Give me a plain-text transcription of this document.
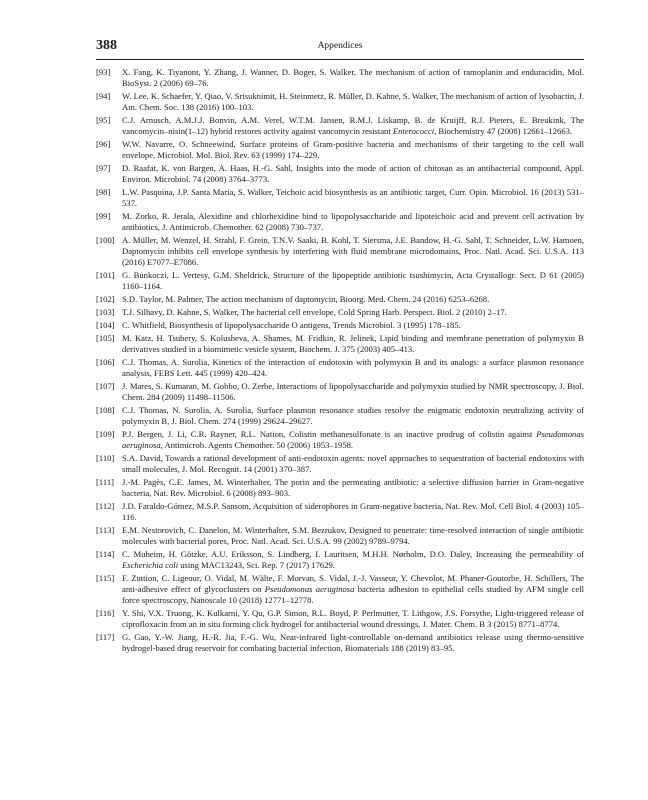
388	Appendices
[93]	X. Fang, K. Tiyanont, Y. Zhang, J. Wanner, D. Boger, S. Walker, The mechanism of action of ramoplanin and enduracidin, Mol. BioSyst. 2 (2006) 69–76.
[94]	W. Lee, K. Schaefer, Y. Qiao, V. Srisuknimit, H. Steinmetz, R. Müller, D. Kahne, S. Walker, The mechanism of action of lysobactin, J. Am. Chem. Soc. 138 (2016) 100–103.
[95]	C.J. Arnusch, A.M.J.J. Bonvin, A.M. Verel, W.T.M. Jansen, R.M.J. Liskamp, B. de Kruijff, R.J. Pieters, E. Breukink, The vancomycin–nisin(1–12) hybrid restores activity against vancomycin resistant Enterococci, Biochemistry 47 (2008) 12661–12663.
[96]	W.W. Navarre, O. Schneewind, Surface proteins of Gram-positive bacteria and mechanisms of their targeting to the cell wall envelope, Microbiol. Mol. Biol. Rev. 63 (1999) 174–229.
[97]	D. Raafat, K. von Bargen, A. Haas, H.-G. Sahl, Insights into the mode of action of chitosan as an antibacterial compound, Appl. Environ. Microbiol. 74 (2008) 3764–3773.
[98]	L.W. Pasquina, J.P. Santa Maria, S. Walker, Teichoic acid biosynthesis as an antibiotic target, Curr. Opin. Microbiol. 16 (2013) 531–537.
[99]	M. Zorko, R. Jerala, Alexidine and chlorhexidine bind to lipopolysaccharide and lipoteichoic acid and prevent cell activation by antibiotics, J. Antimicrob. Chemother. 62 (2008) 730–737.
[100] A. Müller, M. Wenzel, H. Strahl, F. Grein, T.N.V. Saaki, B. Kohl, T. Siersma, J.E. Bandow, H.-G. Sahl, T. Schneider, L.W. Hamoen, Daptomycin inhibits cell envelope synthesis by interfering with fluid membrane microdomains, Proc. Natl. Acad. Sci. U.S.A. 113 (2016) E7077–E7086.
[101] G. Bunkoczi, L. Vertesy, G.M. Sheldrick, Structure of the lipopeptide antibiotic tsushimycin, Acta Crystallogr. Sect. D 61 (2005) 1160–1164.
[102] S.D. Taylor, M. Palmer, The action mechanism of daptomycin, Bioorg. Med. Chem. 24 (2016) 6253–6268.
[103] T.J. Silhavy, D. Kahne, S. Walker, The bacterial cell envelope, Cold Spring Harb. Perspect. Biol. 2 (2010) 2–17.
[104] C. Whitfield, Biosynthesis of lipopolysaccharide O antigens, Trends Microbiol. 3 (1995) 178–185.
[105] M. Katz, H. Tsubery, S. Kolusheva, A. Shames, M. Fridkin, R. Jelinek, Lipid binding and membrane penetration of polymyxin B derivatives studied in a biomimetic vesicle system, Biochem. J. 375 (2003) 405–413.
[106] C.J. Thomas, A. Surolia, Kinetics of the interaction of endotoxin with polymyxin B and its analogs: a surface plasmon resonance analysis, FEBS Lett. 445 (1999) 420–424.
[107] J. Mares, S. Kumaran, M. Gobbo, O. Zerbe, Interactions of lipopolysaccharide and polymyxin studied by NMR spectroscopy, J. Biol. Chem. 284 (2009) 11498–11506.
[108] C.J. Thomas, N. Surolia, A. Surolia, Surface plasmon resonance studies resolve the enigmatic endotoxin neutralizing activity of polymyxin B, J. Biol. Chem. 274 (1999) 29624–29627.
[109] P.J. Bergen, J. Li, C.R. Rayner, R.L. Nation, Colistin methanesulfonate is an inactive prodrug of colistin against Pseudomonas aeruginosa, Antimicrob. Agents Chemother. 50 (2006) 1953–1958.
[110] S.A. David, Towards a rational development of anti-endotoxin agents: novel approaches to sequestration of bacterial endotoxins with small molecules, J. Mol. Recognit. 14 (2001) 370–387.
[111] J.-M. Pagès, C.E. James, M. Winterhalter, The porin and the permeating antibiotic: a selective diffusion barrier in Gram-negative bacteria, Nat. Rev. Microbiol. 6 (2008) 893–903.
[112] J.D. Faraldo-Gómez, M.S.P. Sansom, Acquisition of siderophores in Gram-negative bacteria, Nat. Rev. Mol. Cell Biol. 4 (2003) 105–116.
[113] E.M. Nestorovich, C. Danelon, M. Winterhalter, S.M. Bezrukov, Designed to penetrate: time-resolved interaction of single antibiotic molecules with bacterial pores, Proc. Natl. Acad. Sci. U.S.A. 99 (2002) 9789–9794.
[114] C. Muheim, H. Götzke, A.U. Eriksson, S. Lindberg, I. Lauritsen, M.H.H. Nørholm, D.O. Daley, Increasing the permeability of Escherichia coli using MAC13243, Sci. Rep. 7 (2017) 17629.
[115] F. Zuttion, C. Ligeour, O. Vidal, M. Wälte, F. Morvan, S. Vidal, J.-J. Vasseur, Y. Chevolot, M. Phaner-Goutorbe, H. Schillers, The anti-adhesive effect of glycoclusters on Pseudomonas aeruginosa bacteria adhesion to epithelial cells studied by AFM single cell force spectroscopy, Nanoscale 10 (2018) 12771–12778.
[116] Y. Shi, V.X. Truong, K. Kulkarni, Y. Qu, G.P. Simon, R.L. Boyd, P. Perlmutter, T. Lithgow, J.S. Forsythe, Light-triggered release of ciprofloxacin from an in situ forming click hydrogel for antibacterial wound dressings, J. Mater. Chem. B 3 (2015) 8771–8774.
[117] G. Gao, Y.-W. Jiang, H.-R. Jia, F.-G. Wu, Near-infrared light-controllable on-demand antibiotics release using thermo-sensitive hydrogel-based drug reservoir for combating bacterial infection, Biomaterials 188 (2019) 83–95.
